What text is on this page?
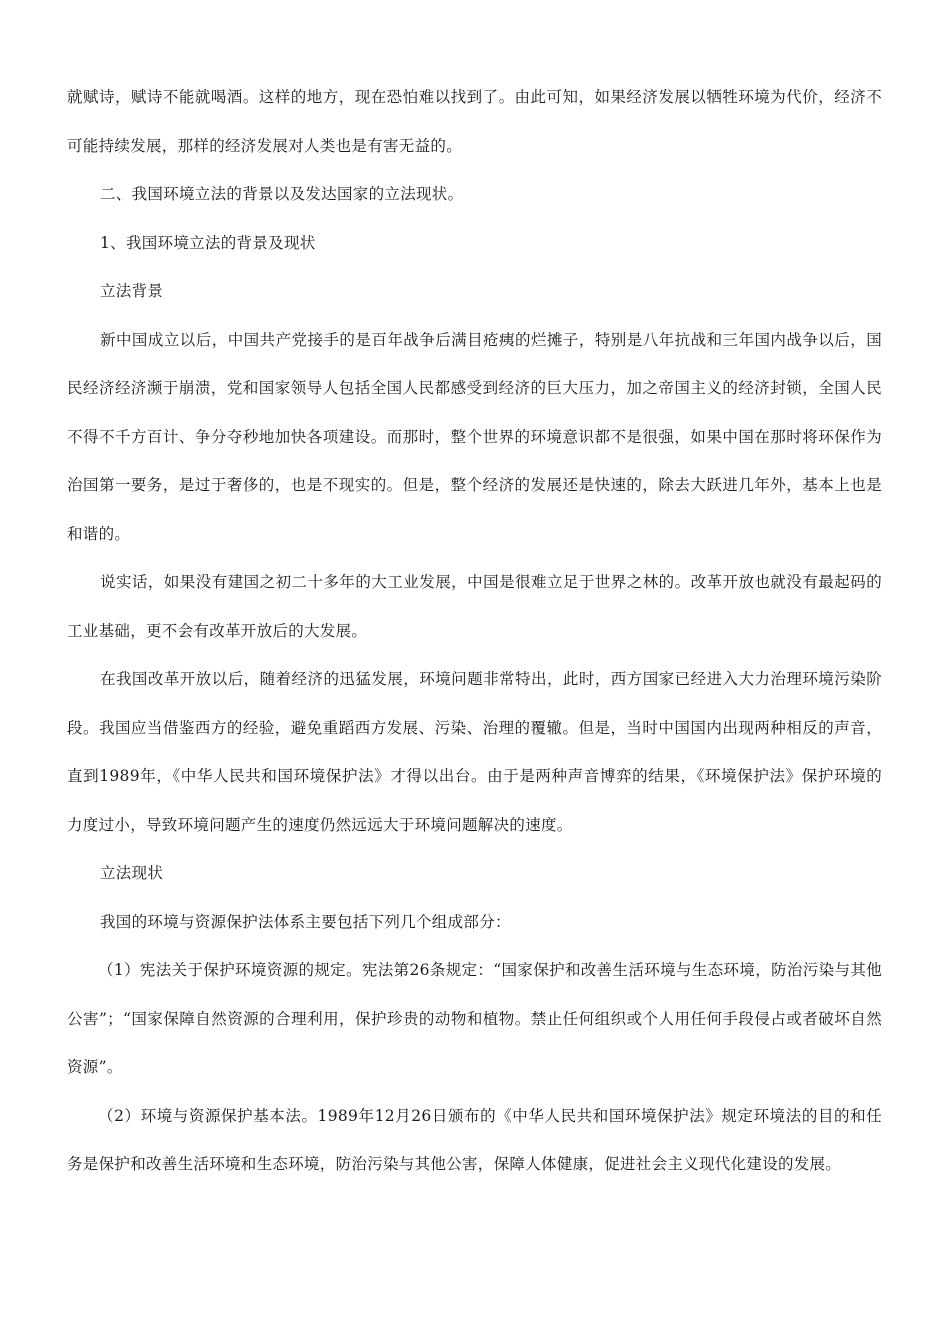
就赋诗，赋诗不能就喝酒。这样的地方，现在恐怕难以找到了。由此可知，如果经济发展以牺牲环境为代价，经济不可能持续发展，那样的经济发展对人类也是有害无益的。

二、我国环境立法的背景以及发达国家的立法现状。

1、我国环境立法的背景及现状

立法背景

新中国成立以后，中国共产党接手的是百年战争后满目疮痍的烂摊子，特别是八年抗战和三年国内战争以后，国民经济经济濒于崩溃，党和国家领导人包括全国人民都感受到经济的巨大压力，加之帝国主义的经济封锁，全国人民不得不千方百计、争分夺秒地加快各项建设。而那时，整个世界的环境意识都不是很强，如果中国在那时将环保作为治国第一要务，是过于奢侈的，也是不现实的。但是，整个经济的发展还是快速的，除去大跃进几年外，基本上也是和谐的。

说实话，如果没有建国之初二十多年的大工业发展，中国是很难立足于世界之林的。改革开放也就没有最起码的工业基础，更不会有改革开放后的大发展。

在我国改革开放以后，随着经济的迅猛发展，环境问题非常特出，此时，西方国家已经进入大力治理环境污染阶段。我国应当借鉴西方的经验，避免重蹈西方发展、污染、治理的覆辙。但是，当时中国国内出现两种相反的声音，直到1989年，《中华人民共和国环境保护法》才得以出台。由于是两种声音博弈的结果，《环境保护法》保护环境的力度过小，导致环境问题产生的速度仍然远远大于环境问题解决的速度。

立法现状

我国的环境与资源保护法体系主要包括下列几个组成部分：

（1）宪法关于保护环境资源的规定。宪法第26条规定：“国家保护和改善生活环境与生态环境，防治污染与其他公害”；“国家保障自然资源的合理利用，保护珍贵的动物和植物。禁止任何组织或个人用任何手段侵占或者破坏自然资源”。

（2）环境与资源保护基本法。1989年12月26日颁布的《中华人民共和国环境保护法》规定环境法的目的和任务是保护和改善生活环境和生态环境，防治污染与其他公害，保障人体健康，促进社会主义现代化建设的发展。
